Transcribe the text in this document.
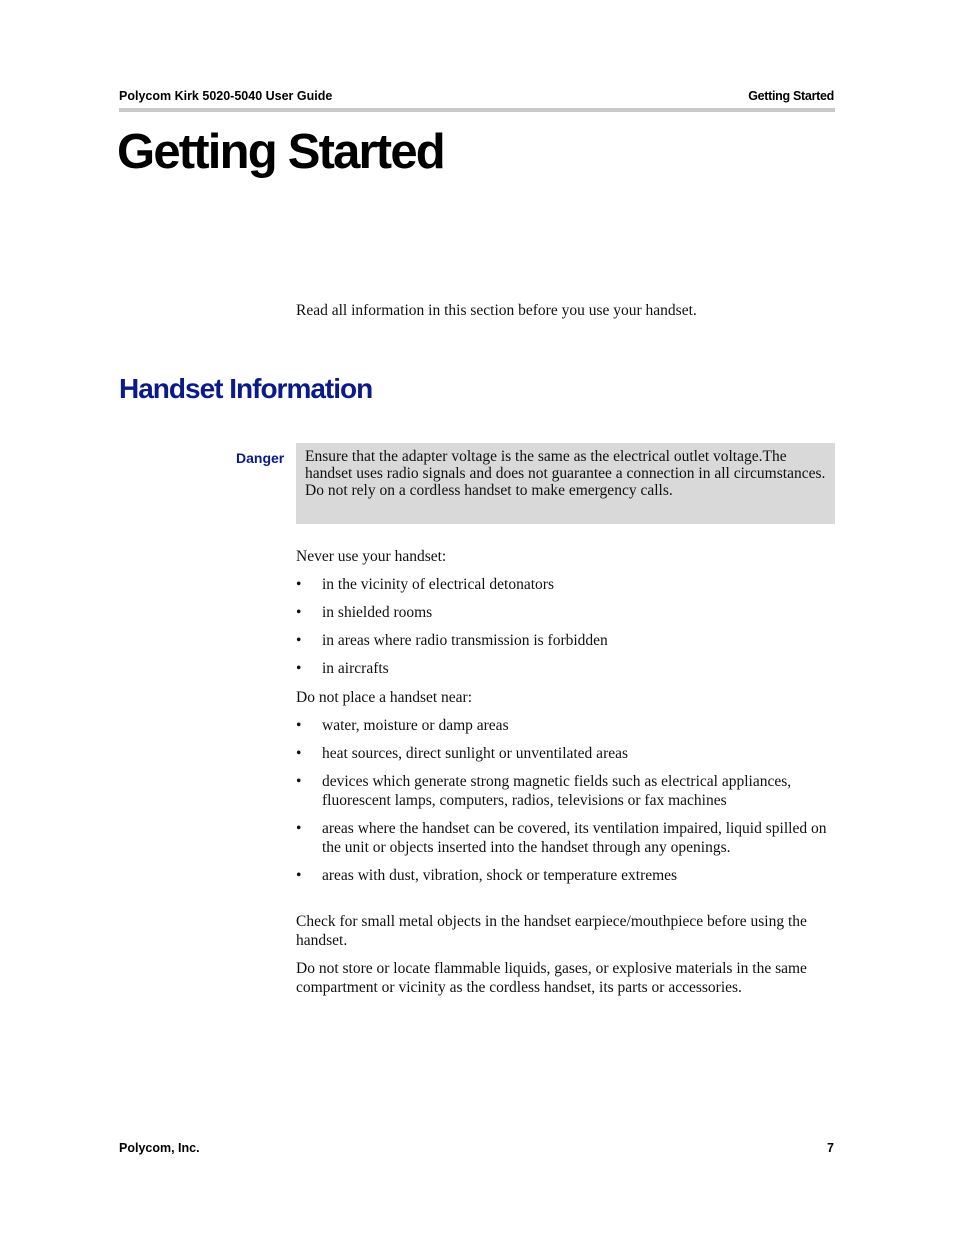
Polycom Kirk 5020-5040 User Guide	Getting Started
Getting Started

Read all information in this section before you use your handset.

Handset Information
Danger	Ensure that the adapter voltage is the same as the electrical outlet voltage.The handset uses radio signals and does not guarantee a connection in all circumstances. Do not rely on a cordless handset to make emergency calls.

Never use your handset:

• in the vicinity of electrical detonators
• in shielded rooms
• in areas where radio transmission is forbidden
• in aircrafts

Do not place a handset near:

• water, moisture or damp areas
• heat sources, direct sunlight or unventilated areas
• devices which generate strong magnetic fields such as electrical appliances, fluorescent lamps, computers, radios, televisions or fax machines
• areas where the handset can be covered, its ventilation impaired, liquid spilled on the unit or objects inserted into the handset through any openings.
• areas with dust, vibration, shock or temperature extremes

Check for small metal objects in the handset earpiece/mouthpiece before using the handset.

Do not store or locate flammable liquids, gases, or explosive materials in the same compartment or vicinity as the cordless handset, its parts or accessories.

Polycom, Inc.	7
